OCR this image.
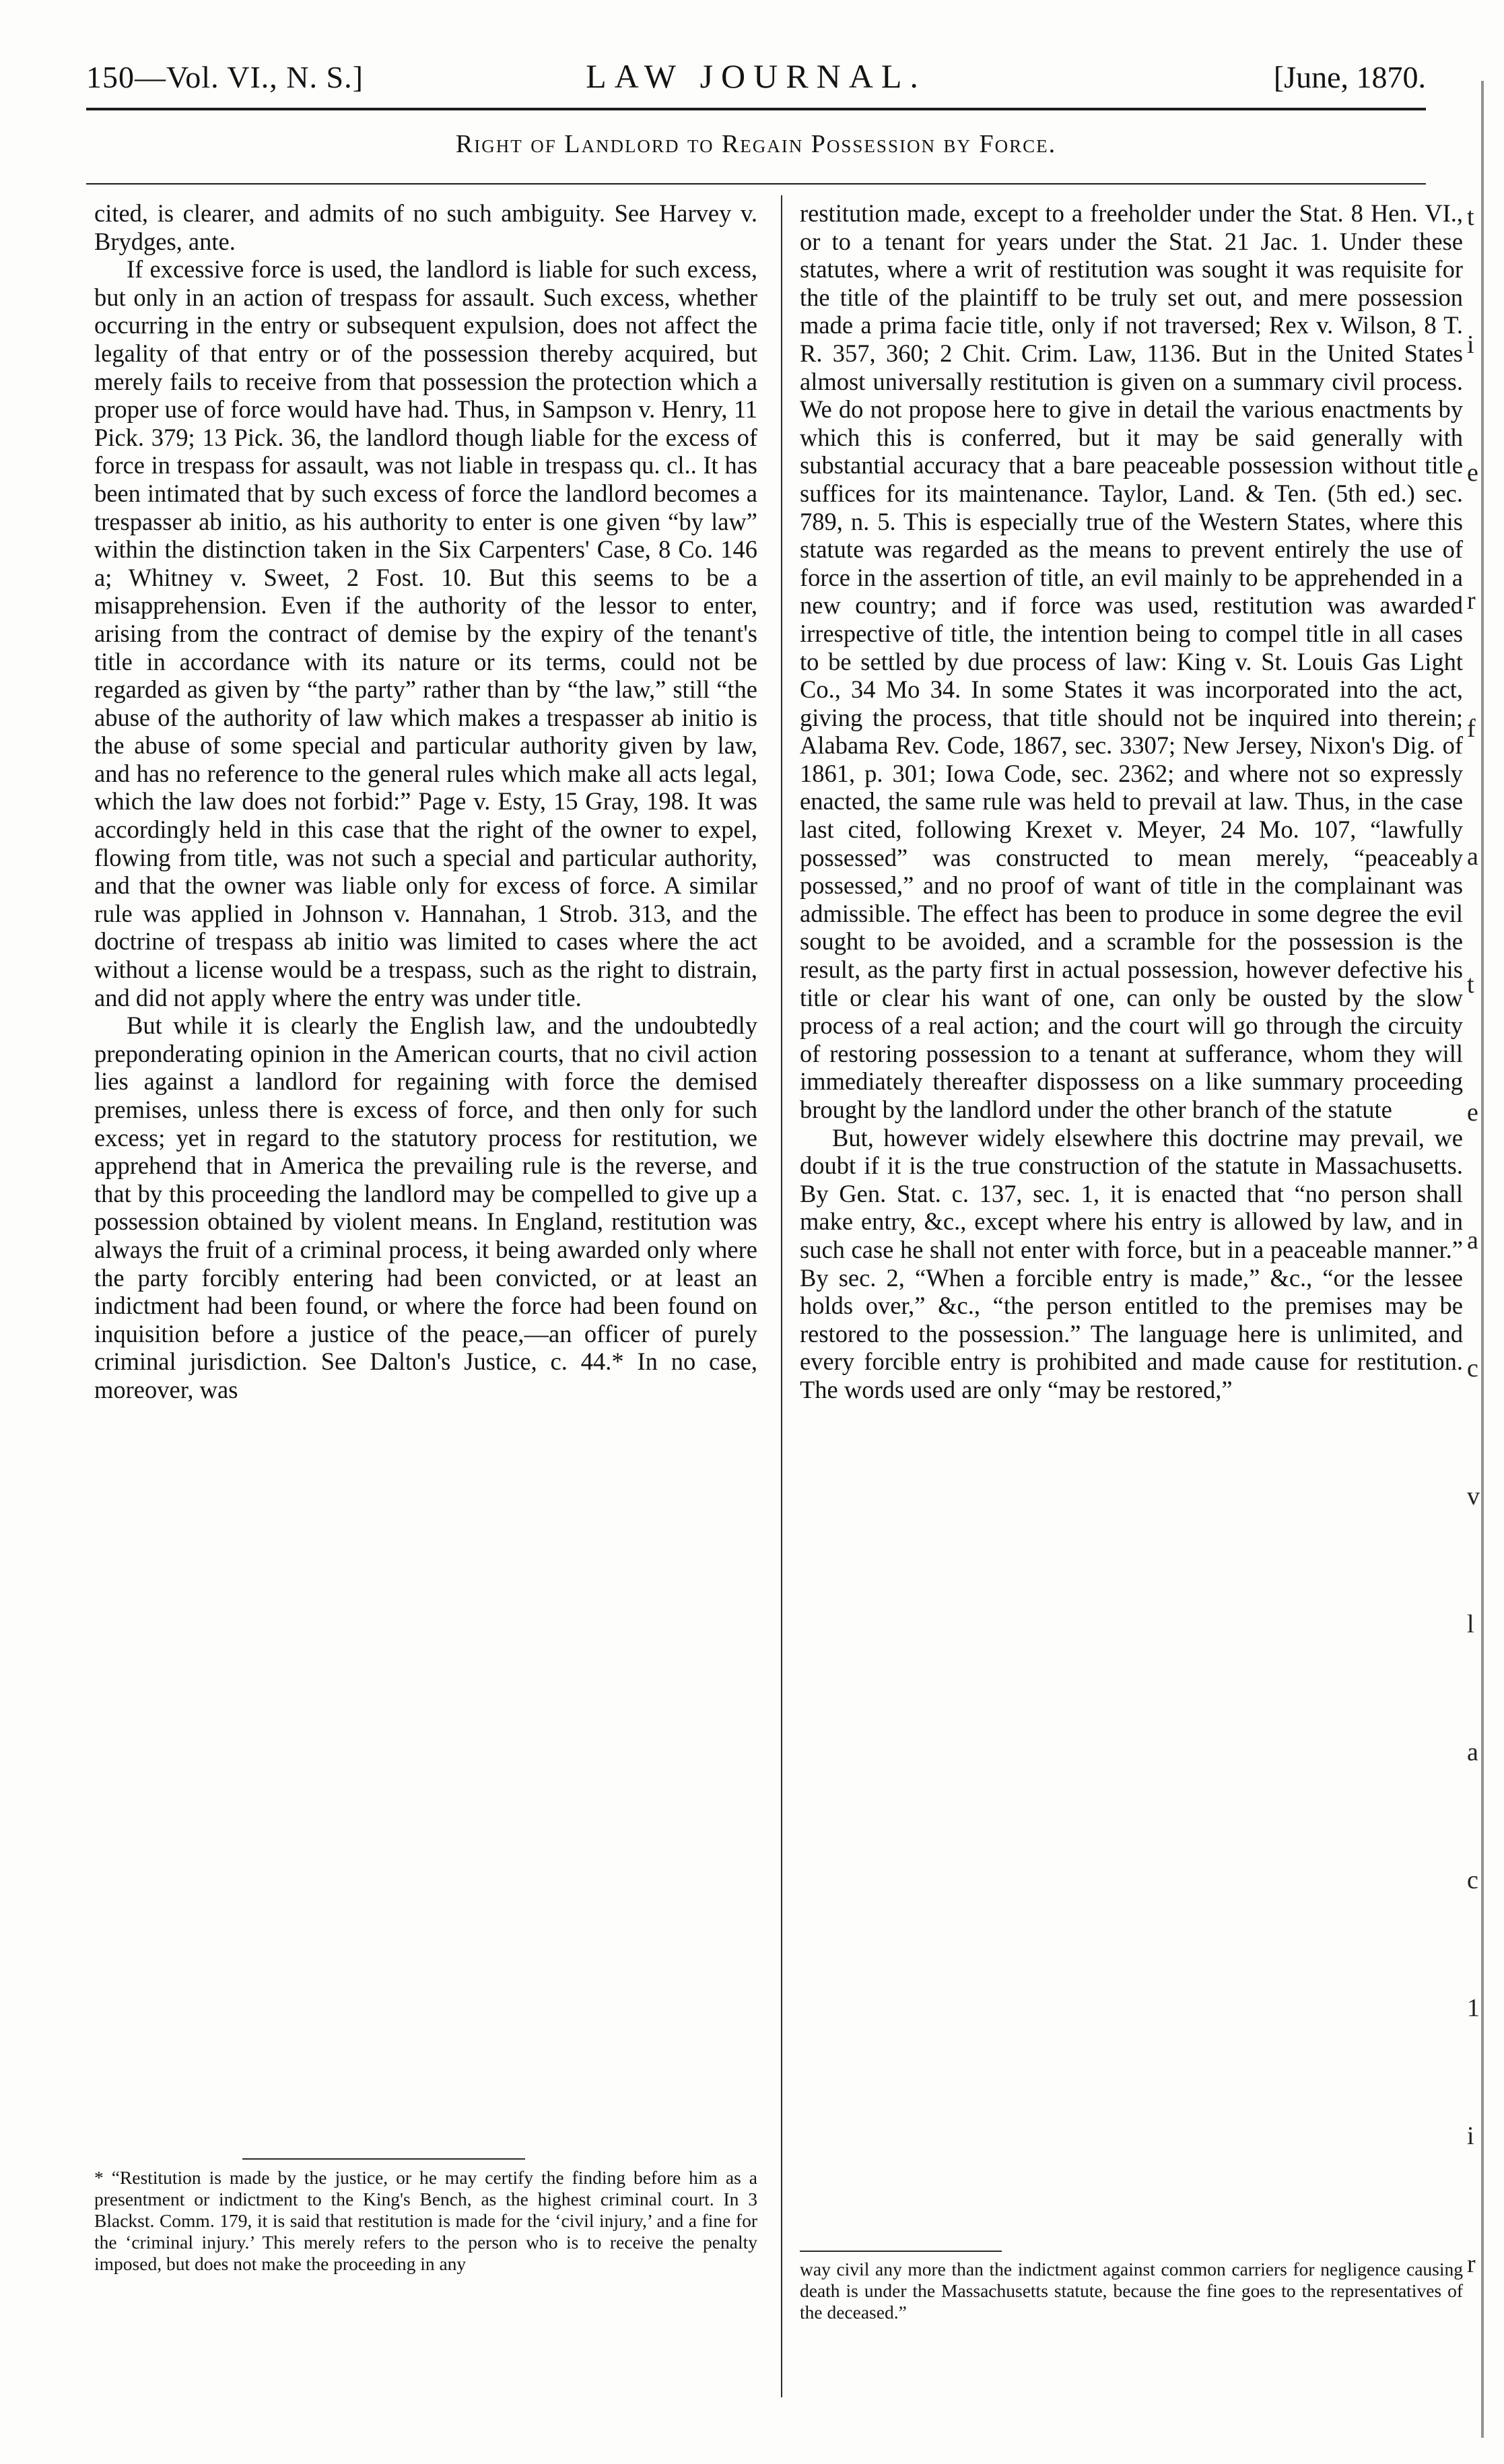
150—Vol. VI., N. S.]	LAW JOURNAL.	[June, 1870.
Right of Landlord to Regain Possession by Force.

cited, is clearer, and admits of no such ambiguity. See Harvey v. Brydges, ante.

If excessive force is used, the landlord is liable for such excess, but only in an action of trespass for assault. Such excess, whether occurring in the entry or subsequent expulsion, does not affect the legality of that entry or of the possession thereby acquired, but merely fails to receive from that possession the protection which a proper use of force would have had. Thus, in Sampson v. Henry, 11 Pick. 379; 13 Pick. 36, the landlord though liable for the excess of force in trespass for assault, was not liable in trespass qu. cl.. It has been intimated that by such excess of force the landlord becomes a trespasser ab initio, as his authority to enter is one given “by law” within the distinction taken in the Six Carpenters' Case, 8 Co. 146 a; Whitney v. Sweet, 2 Fost. 10. But this seems to be a misapprehension. Even if the authority of the lessor to enter, arising from the contract of demise by the expiry of the tenant's title in accordance with its nature or its terms, could not be regarded as given by “the party” rather than by “the law,” still “the abuse of the authority of law which makes a trespasser ab initio is the abuse of some special and particular authority given by law, and has no reference to the general rules which make all acts legal, which the law does not forbid:” Page v. Esty, 15 Gray, 198. It was accordingly held in this case that the right of the owner to expel, flowing from title, was not such a special and particular authority, and that the owner was liable only for excess of force. A similar rule was applied in Johnson v. Hannahan, 1 Strob. 313, and the doctrine of trespass ab initio was limited to cases where the act without a license would be a trespass, such as the right to distrain, and did not apply where the entry was under title.

But while it is clearly the English law, and the undoubtedly preponderating opinion in the American courts, that no civil action lies against a landlord for regaining with force the demised premises, unless there is excess of force, and then only for such excess; yet in regard to the statutory process for restitution, we apprehend that in America the prevailing rule is the reverse, and that by this proceeding the landlord may be compelled to give up a possession obtained by violent means. In England, restitution was always the fruit of a criminal process, it being awarded only where the party forcibly entering had been convicted, or at least an indictment had been found, or where the force had been found on inquisition before a justice of the peace,—an officer of purely criminal jurisdiction. See Dalton's Justice, c. 44.* In no case, moreover, was

restitution made, except to a freeholder under the Stat. 8 Hen. VI., or to a tenant for years under the Stat. 21 Jac. 1. Under these statutes, where a writ of restitution was sought it was requisite for the title of the plaintiff to be truly set out, and mere possession made a prima facie title, only if not traversed; Rex v. Wilson, 8 T. R. 357, 360; 2 Chit. Crim. Law, 1136. But in the United States almost universally restitution is given on a summary civil process. We do not propose here to give in detail the various enactments by which this is conferred, but it may be said generally with substantial accuracy that a bare peaceable possession without title suffices for its maintenance. Taylor, Land. & Ten. (5th ed.) sec. 789, n. 5. This is especially true of the Western States, where this statute was regarded as the means to prevent entirely the use of force in the assertion of title, an evil mainly to be apprehended in a new country; and if force was used, restitution was awarded irrespective of title, the intention being to compel title in all cases to be settled by due process of law: King v. St. Louis Gas Light Co., 34 Mo 34. In some States it was incorporated into the act, giving the process, that title should not be inquired into therein; Alabama Rev. Code, 1867, sec. 3307; New Jersey, Nixon's Dig. of 1861, p. 301; Iowa Code, sec. 2362; and where not so expressly enacted, the same rule was held to prevail at law. Thus, in the case last cited, following Krexet v. Meyer, 24 Mo. 107, “lawfully possessed” was constructed to mean merely, “peaceably possessed,” and no proof of want of title in the complainant was admissible. The effect has been to produce in some degree the evil sought to be avoided, and a scramble for the possession is the result, as the party first in actual possession, however defective his title or clear his want of one, can only be ousted by the slow process of a real action; and the court will go through the circuity of restoring possession to a tenant at sufferance, whom they will immediately thereafter dispossess on a like summary proceeding brought by the landlord under the other branch of the statute

But, however widely elsewhere this doctrine may prevail, we doubt if it is the true construction of the statute in Massachusetts. By Gen. Stat. c. 137, sec. 1, it is enacted that “no person shall make entry, &c., except where his entry is allowed by law, and in such case he shall not enter with force, but in a peaceable manner.” By sec. 2, “When a forcible entry is made,” &c., “or the lessee holds over,” &c., “the person entitled to the premises may be restored to the possession.” The language here is unlimited, and every forcible entry is prohibited and made cause for restitution. The words used are only “may be restored,”

* “Restitution is made by the justice, or he may certify the finding before him as a presentment or indictment to the King's Bench, as the highest criminal court. In 3 Blackst. Comm. 179, it is said that restitution is made for the ‘civil injury,’ and a fine for the ‘criminal injury.’ This merely refers to the person who is to receive the penalty imposed, but does not make the proceeding in any	way civil any more than the indictment against common carriers for negligence causing death is under the Massachusetts statute, because the fine goes to the representatives of the deceased.”
t
i
e
r
f
a
t
e
a
c
v
l
a
c
1
i
r
